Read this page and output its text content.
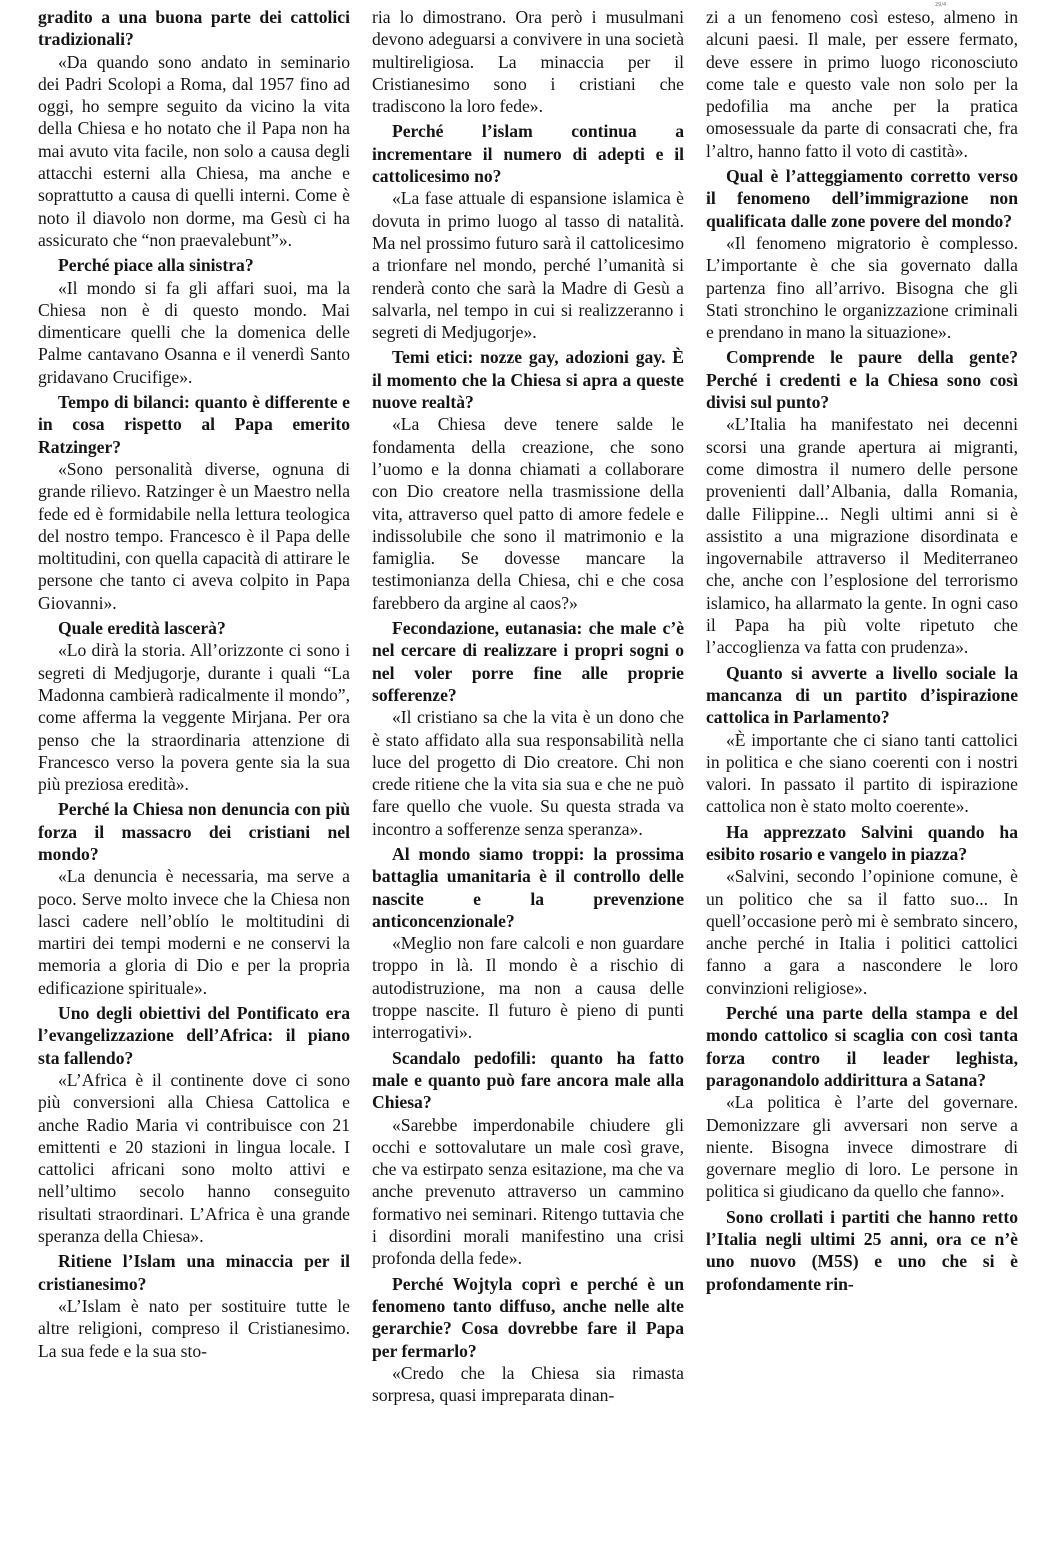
29/4

gradito a una buona parte dei cattolici tradizionali?

«Da quando sono andato in seminario dei Padri Scolopi a Roma, dal 1957 fino ad oggi, ho sempre seguito da vicino la vita della Chiesa e ho notato che il Papa non ha mai avuto vita facile, non solo a causa degli attacchi esterni alla Chiesa, ma anche e soprattutto a causa di quelli interni. Come è noto il diavolo non dorme, ma Gesù ci ha assicurato che “non praevalebunt”».

Perché piace alla sinistra?

«Il mondo si fa gli affari suoi, ma la Chiesa non è di questo mondo. Mai dimenticare quelli che la domenica delle Palme cantavano Osanna e il venerdì Santo gridavano Crucifige».

Tempo di bilanci: quanto è differente e in cosa rispetto al Papa emerito Ratzinger?

«Sono personalità diverse, ognuna di grande rilievo. Ratzinger è un Maestro nella fede ed è formidabile nella lettura teologica del nostro tempo. Francesco è il Papa delle moltitudini, con quella capacità di attirare le persone che tanto ci aveva colpito in Papa Giovanni».

Quale eredità lascerà?

«Lo dirà la storia. All’orizzonte ci sono i segreti di Medjugorje, durante i quali “La Madonna cambierà radicalmente il mondo”, come afferma la veggente Mirjana. Per ora penso che la straordinaria attenzione di Francesco verso la povera gente sia la sua più preziosa eredità».

Perché la Chiesa non denuncia con più forza il massacro dei cristiani nel mondo?

«La denuncia è necessaria, ma serve a poco. Serve molto invece che la Chiesa non lasci cadere nell’oblío le moltitudini di martiri dei tempi moderni e ne conservi la memoria a gloria di Dio e per la propria edificazione spirituale».

Uno degli obiettivi del Pontificato era l’evangelizzazione dell’Africa: il piano sta fallendo?

«L’Africa è il continente dove ci sono più conversioni alla Chiesa Cattolica e anche Radio Maria vi contribuisce con 21 emittenti e 20 stazioni in lingua locale. I cattolici africani sono molto attivi e nell’ultimo secolo hanno conseguito risultati straordinari. L’Africa è una grande speranza della Chiesa».

Ritiene l’Islam una minaccia per il cristianesimo?

«L’Islam è nato per sostituire tutte le altre religioni, compreso il Cristianesimo. La sua fede e la sua sto-

ria lo dimostrano. Ora però i musulmani devono adeguarsi a convivere in una società multireligiosa. La minaccia per il Cristianesimo sono i cristiani che tradiscono la loro fede».

Perché l’islam continua a incrementare il numero di adepti e il cattolicesimo no?

«La fase attuale di espansione islamica è dovuta in primo luogo al tasso di natalità. Ma nel prossimo futuro sarà il cattolicesimo a trionfare nel mondo, perché l’umanità si renderà conto che sarà la Madre di Gesù a salvarla, nel tempo in cui si realizzeranno i segreti di Medjugorje».

Temi etici: nozze gay, adozioni gay. È il momento che la Chiesa si apra a queste nuove realtà?

«La Chiesa deve tenere salde le fondamenta della creazione, che sono l’uomo e la donna chiamati a collaborare con Dio creatore nella trasmissione della vita, attraverso quel patto di amore fedele e indissolubile che sono il matrimonio e la famiglia. Se dovesse mancare la testimonianza della Chiesa, chi e che cosa farebbero da argine al caos?»

Fecondazione, eutanasia: che male c’è nel cercare di realizzare i propri sogni o nel voler porre fine alle proprie sofferenze?

«Il cristiano sa che la vita è un dono che è stato affidato alla sua responsabilità nella luce del progetto di Dio creatore. Chi non crede ritiene che la vita sia sua e che ne può fare quello che vuole. Su questa strada va incontro a sofferenze senza speranza».

Al mondo siamo troppi: la prossima battaglia umanitaria è il controllo delle nascite e la prevenzione anticoncenzionale?

«Meglio non fare calcoli e non guardare troppo in là. Il mondo è a rischio di autodistruzione, ma non a causa delle troppe nascite. Il futuro è pieno di punti interrogativi».

Scandalo pedofili: quanto ha fatto male e quanto può fare ancora male alla Chiesa?

«Sarebbe imperdonabile chiudere gli occhi e sottovalutare un male così grave, che va estirpato senza esitazione, ma che va anche prevenuto attraverso un cammino formativo nei seminari. Ritengo tuttavia che i disordini morali manifestino una crisi profonda della fede».

Perché Wojtyla coprì e perché è un fenomeno tanto diffuso, anche nelle alte gerarchie? Cosa dovrebbe fare il Papa per fermarlo?

«Credo che la Chiesa sia rimasta sorpresa, quasi impreparata dinan-

zi a un fenomeno così esteso, almeno in alcuni paesi. Il male, per essere fermato, deve essere in primo luogo riconosciuto come tale e questo vale non solo per la pedofilia ma anche per la pratica omosessuale da parte di consacrati che, fra l’altro, hanno fatto il voto di castità».

Qual è l’atteggiamento corretto verso il fenomeno dell’immigrazione non qualificata dalle zone povere del mondo?

«Il fenomeno migratorio è complesso. L’importante è che sia governato dalla partenza fino all’arrivo. Bisogna che gli Stati stronchino le organizzazione criminali e prendano in mano la situazione».

Comprende le paure della gente? Perché i credenti e la Chiesa sono così divisi sul punto?

«L’Italia ha manifestato nei decenni scorsi una grande apertura ai migranti, come dimostra il numero delle persone provenienti dall’Albania, dalla Romania, dalle Filippine... Negli ultimi anni si è assistito a una migrazione disordinata e ingovernabile attraverso il Mediterraneo che, anche con l’esplosione del terrorismo islamico, ha allarmato la gente. In ogni caso il Papa ha più volte ripetuto che l’accoglienza va fatta con prudenza».

Quanto si avverte a livello sociale la mancanza di un partito d’ispirazione cattolica in Parlamento?

«È importante che ci siano tanti cattolici in politica e che siano coerenti con i nostri valori. In passato il partito di ispirazione cattolica non è stato molto coerente».

Ha apprezzato Salvini quando ha esibito rosario e vangelo in piazza?

«Salvini, secondo l’opinione comune, è un politico che sa il fatto suo... In quell’occasione però mi è sembrato sincero, anche perché in Italia i politici cattolici fanno a gara a nascondere le loro convinzioni religiose».

Perché una parte della stampa e del mondo cattolico si scaglia con così tanta forza contro il leader leghista, paragonandolo addirittura a Satana?

«La politica è l’arte del governare. Demonizzare gli avversari non serve a niente. Bisogna invece dimostrare di governare meglio di loro. Le persone in politica si giudicano da quello che fanno».

Sono crollati i partiti che hanno retto l’Italia negli ultimi 25 anni, ora ce n’è uno nuovo (M5S) e uno che si è profondamente rin-
